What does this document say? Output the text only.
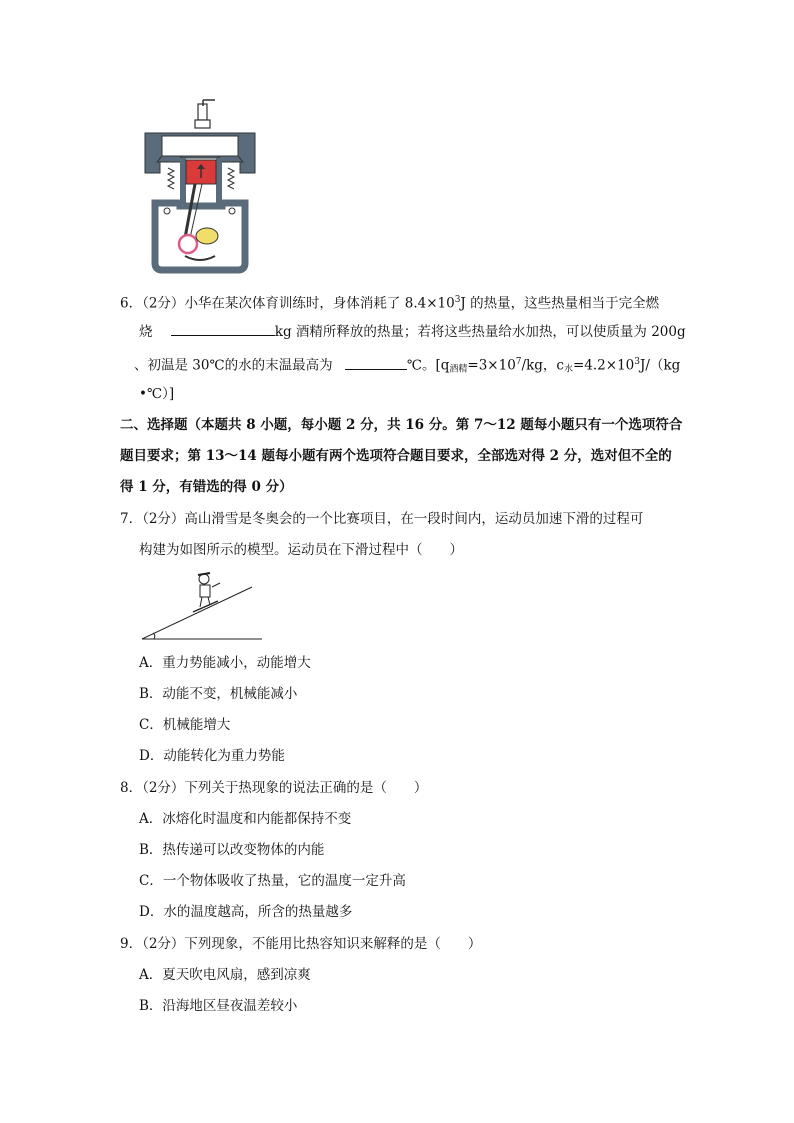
6．（2分）小华在某次体育训练时，身体消耗了 $8.4\times 10^3J$ 的热量，这些热量相当于完全燃
烧	kg 酒精所释放的热量；若将这些热量给水加热，可以使质量为 200g
、初温是 30℃的水的末温最高为	℃。[q酒精$=3\times 10^7/kg$，c水$=4.2\times 10^3J/(kg$
•℃）]
二、选择题（本题共 8 小题，每小题 2 分，共 16 分。第 7～12 题每小题只有一个选项符合
题目要求；第 13～14 题每小题有两个选项符合题目要求，全部选对得 2 分，选对但不全的
得 1 分，有错选的得 0 分）
7．（2分）高山滑雪是冬奥会的一个比赛项目，在一段时间内，运动员加速下滑的过程可
构建为如图所示的模型。运动员在下滑过程中（　　）
A．重力势能减小，动能增大
B．动能不变，机械能减小
C．机械能增大
D．动能转化为重力势能
8．（2分）下列关于热现象的说法正确的是（　　）
A．冰熔化时温度和内能都保持不变
B．热传递可以改变物体的内能
C．一个物体吸收了热量，它的温度一定升高
D．水的温度越高，所含的热量越多
9．（2分）下列现象，不能用比热容知识来解释的是（　　）
A．夏天吹电风扇，感到凉爽
B．沿海地区昼夜温差较小
